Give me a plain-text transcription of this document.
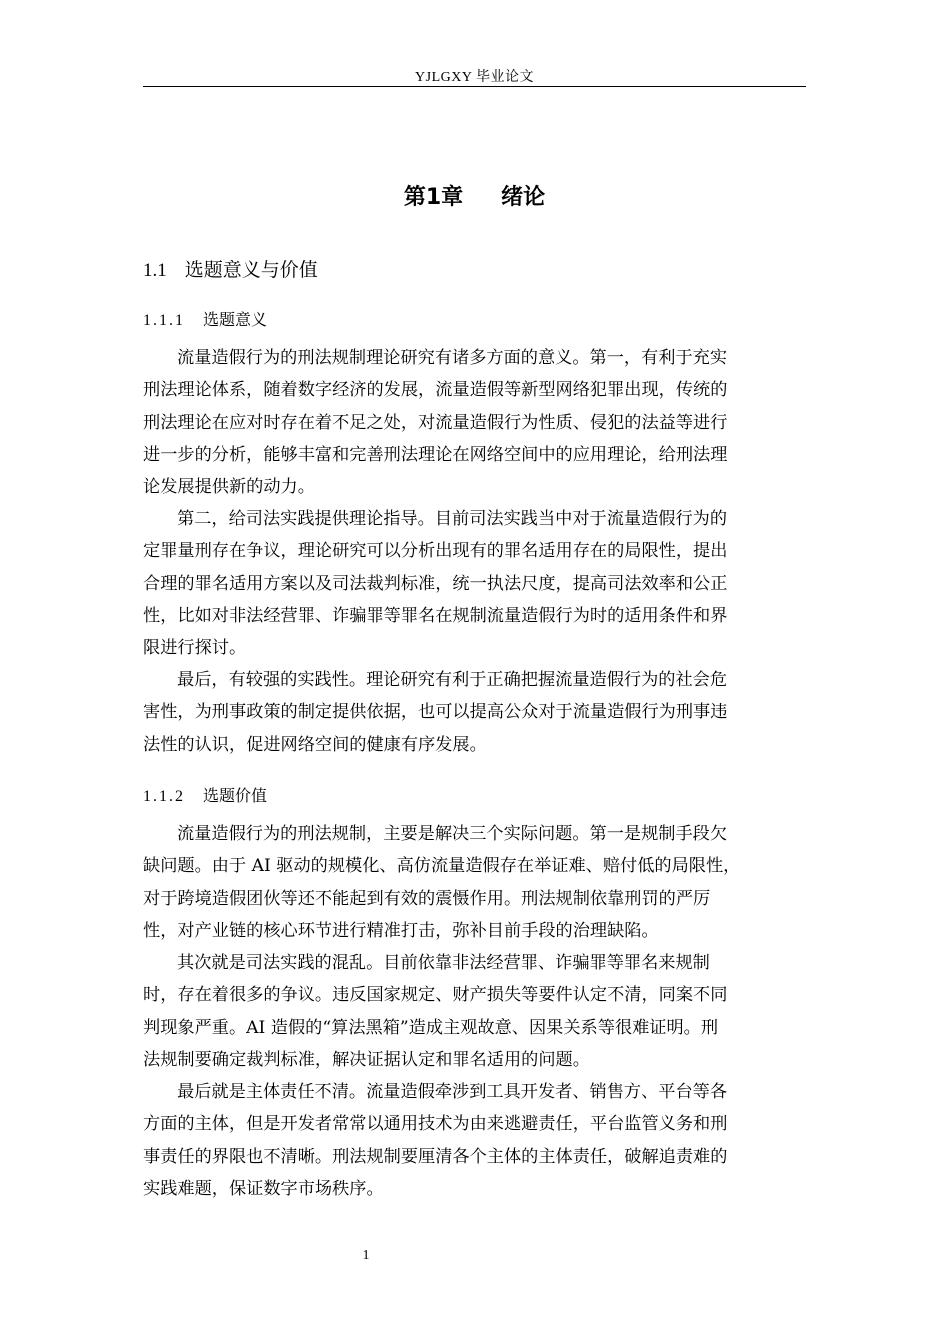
YJLGXY 毕业论文
第1章 绪论
1.1 选题意义与价值
1.1.1 选题意义
流量造假行为的刑法规制理论研究有诸多方面的意义。第一，有利于充实
刑法理论体系，随着数字经济的发展，流量造假等新型网络犯罪出现，传统的
刑法理论在应对时存在着不足之处，对流量造假行为性质、侵犯的法益等进行
进一步的分析，能够丰富和完善刑法理论在网络空间中的应用理论，给刑法理
论发展提供新的动力。
第二，给司法实践提供理论指导。目前司法实践当中对于流量造假行为的
定罪量刑存在争议，理论研究可以分析出现有的罪名适用存在的局限性，提出
合理的罪名适用方案以及司法裁判标准，统一执法尺度，提高司法效率和公正
性，比如对非法经营罪、诈骗罪等罪名在规制流量造假行为时的适用条件和界
限进行探讨。
最后，有较强的实践性。理论研究有利于正确把握流量造假行为的社会危
害性，为刑事政策的制定提供依据，也可以提高公众对于流量造假行为刑事违
法性的认识，促进网络空间的健康有序发展。
1.1.2 选题价值
流量造假行为的刑法规制，主要是解决三个实际问题。第一是规制手段欠
缺问题。由于 AI 驱动的规模化、高仿流量造假存在举证难、赔付低的局限性，
对于跨境造假团伙等还不能起到有效的震慑作用。刑法规制依靠刑罚的严厉
性，对产业链的核心环节进行精准打击，弥补目前手段的治理缺陷。
其次就是司法实践的混乱。目前依靠非法经营罪、诈骗罪等罪名来规制
时，存在着很多的争议。违反国家规定、财产损失等要件认定不清，同案不同
判现象严重。AI 造假的“算法黑箱”造成主观故意、因果关系等很难证明。刑
法规制要确定裁判标准，解决证据认定和罪名适用的问题。
最后就是主体责任不清。流量造假牵涉到工具开发者、销售方、平台等各
方面的主体，但是开发者常常以通用技术为由来逃避责任，平台监管义务和刑
事责任的界限也不清晰。刑法规制要厘清各个主体的主体责任，破解追责难的
实践难题，保证数字市场秩序。
1
